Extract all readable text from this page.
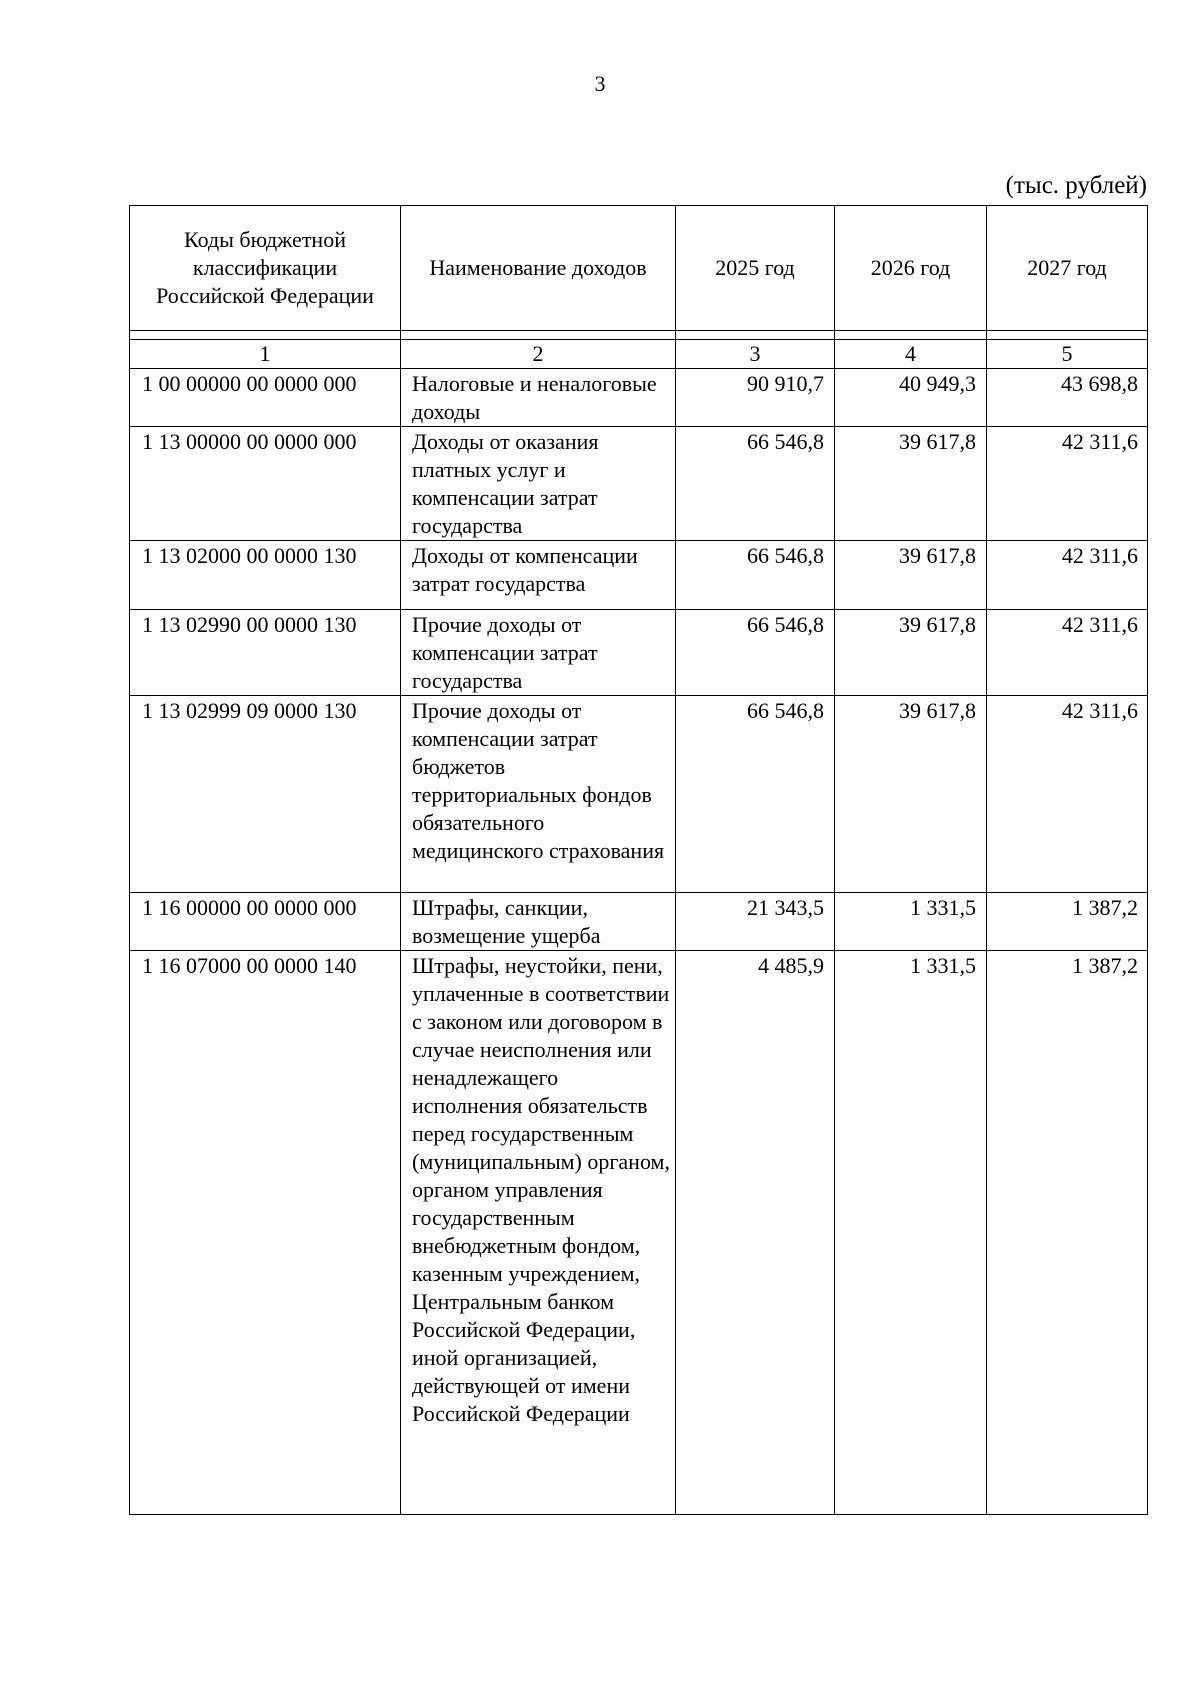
3
(тыс. рублей)
Коды бюджетной классификации Российской Федерации	Наименование доходов	2025 год	2026 год	2027 год

1	2	3	4	5
1 00 00000 00 0000 000	Налоговые и неналоговые доходы	90 910,7	40 949,3	43 698,8
1 13 00000 00 0000 000	Доходы от оказания платных услуг и компенсации затрат государства	66 546,8	39 617,8	42 311,6
1 13 02000 00 0000 130	Доходы от компенсации затрат государства	66 546,8	39 617,8	42 311,6
1 13 02990 00 0000 130	Прочие доходы от компенсации затрат государства	66 546,8	39 617,8	42 311,6
1 13 02999 09 0000 130	Прочие доходы от компенсации затрат бюджетов территориальных фондов обязательного медицинского страхования	66 546,8	39 617,8	42 311,6
1 16 00000 00 0000 000	Штрафы, санкции, возмещение ущерба	21 343,5	1 331,5	1 387,2
1 16 07000 00 0000 140	Штрафы, неустойки, пени, уплаченные в соответствии с законом или договором в случае неисполнения или ненадлежащего исполнения обязательств перед государственным (муниципальным) органом, органом управления государственным внебюджетным фондом, казенным учреждением, Центральным банком Российской Федерации, иной организацией, действующей от имени Российской Федерации	4 485,9	1 331,5	1 387,2
